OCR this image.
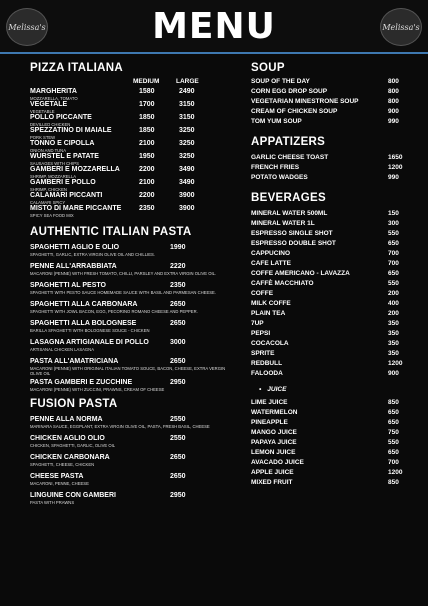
Melissa's	MENU	Melissa's
PIZZA ITALIANA
MEDIUM	LARGE
MARGHERITA
MOZZARELLA, TOMATO
1580	2490
VEGETALE
VEGETABLE
1700	3150
POLLO PICCANTE
DEVILLED CHICKEN
1850	3150
SPEZZATINO DI MAIALE
PORK STEW
1850	3250
TONNO E CIPOLLA
ONION AND TUNA
2100	3250
WURSTEL E PATATE
SAUSAGES WITH CHIPS
1950	3250
GAMBERI E MOZZARELLA
SHRIMP, MOZZARELLA
2200	3490
GAMBERI E POLLO
SHRIMP, CHICKEN
2100	3490
CALAMARI PICCANTI
CALAMARI SPICY
2200	3900
MISTO DI MARE PICCANTE
SPICY SEA FOOD MIX
2350	3900
AUTHENTIC ITALIAN PASTA
SPAGHETTI AGLIO E OLIO
SPAGHETTI, GARLIC, EXTRA VIRGIN OLIVE OIL AND CHILLIES.
1990
PENNE ALL'ARRABBIATA
MACARONI (PENNE) WITH FRESH TOMATO, CHILLI, PARSLEY AND EXTRA VIRGIN OLIVE OIL.
2220
SPAGHETTI AL PESTO
SPAGHETTI WITH PESTO SAUCE HOMEMADE SAUCE WITH BASIL AND PARMESAN CHEESE.
2350
SPAGHETTI ALLA CARBONARA
SPAGHETTI WITH JOWL BACON, EGG, PECORINO ROMANO CHEESE AND PEPPER.
2650
SPAGHETTI ALLA BOLOGNESE
BARILLA SPAGHETTI WITH BOLOGNESE SOUCE - CHICKEN
2650
LASAGNA ARTIGIANALE DI POLLO
ARTISANAL CHICKEN LASAGNA
3000
PASTA ALL'AMATRICIANA
MACARONI (PENNE) WITH ORIGINAL ITALIAN TOMATO SOUCE, BACON, CHEESE, EXTRA VERGIN OLIVE OIL
2650
PASTA GAMBERI E ZUCCHINE
MACARONI (PENNE) WITH ZUCCINI, PRAWNS, CREAM OF CHEESE
2950
FUSION PASTA
PENNE ALLA NORMA
MARINARA SAUCE, EGGPLANT, EXTRA VIRGIN OLIVE OIL, PASTA, FRESH BASIL, CHEESE
2550
CHICKEN AGLIO OLIO
CHICKEN, SPAGHETTI, GARLIC, OLIVE OIL
2550
CHICKEN CARBONARA
SPAGHETTI, CHEESE, CHICKEN
2650
CHEESE PASTA
MACARONI, PENNE, CHEESE
2650
LINGUINE CON GAMBERI
PASTA WITH PRAWNS
2950
SOUP
SOUP OF THE DAY	800
CORN EGG DROP SOUP	800
VEGETARIAN MINESTRONE SOUP	800
CREAM OF CHICKEN SOUP	900
TOM YUM SOUP	990
APPATIZERS
GARLIC CHEESE TOAST	1650
FRENCH FRIES	1200
POTATO WADGES	990
BEVERAGES
MINERAL WATER 500ML	150
MINERAL WATER 1L	300
ESPRESSO SINGLE SHOT	550
ESPRESSO DOUBLE SHOT	650
CAPPUCINO	700
CAFE LATTE	700
COFFE AMERICANO - LAVAZZA	650
CAFFÈ MACCHIATO	550
COFFE	200
MILK COFFE	400
PLAIN TEA	200
7UP	350
PEPSI	350
COCACOLA	350
SPRITE	350
REDBULL	1200
FALOODA	900
• JUICE
LIME JUICE	850
WATERMELON	650
PINEAPPLE	650
MANGO JUICE	750
PAPAYA JUICE	550
LEMON JUICE	650
AVACADO JUICE	700
APPLE JUICE	1200
MIXED FRUIT	850
